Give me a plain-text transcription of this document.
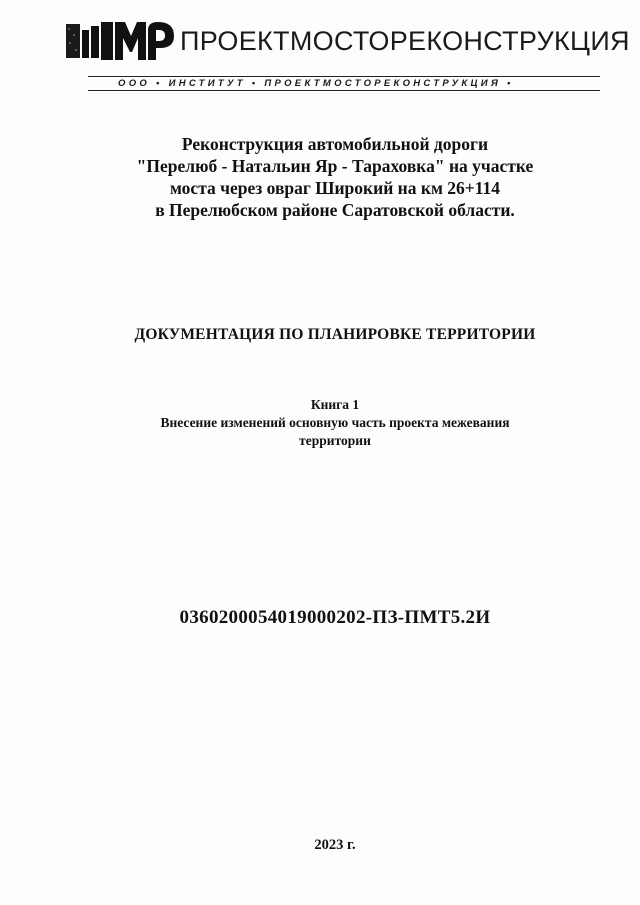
ПРОЕКТМОСТОРЕКОНСТРУКЦИЯ
ООО • ИНСТИТУТ • ПРОЕКТМОСТОРЕКОНСТРУКЦИЯ •
Реконструкция автомобильной дороги
"Перелюб - Натальин Яр - Тараховка" на участке
моста через овраг Широкий на км 26+114
в Перелюбском районе Саратовской области.
ДОКУМЕНТАЦИЯ ПО ПЛАНИРОВКЕ ТЕРРИТОРИИ
Книга 1
Внесение изменений основную часть проекта межевания
территории
0360200054019000202-ПЗ-ПМТ5.2И
2023 г.
